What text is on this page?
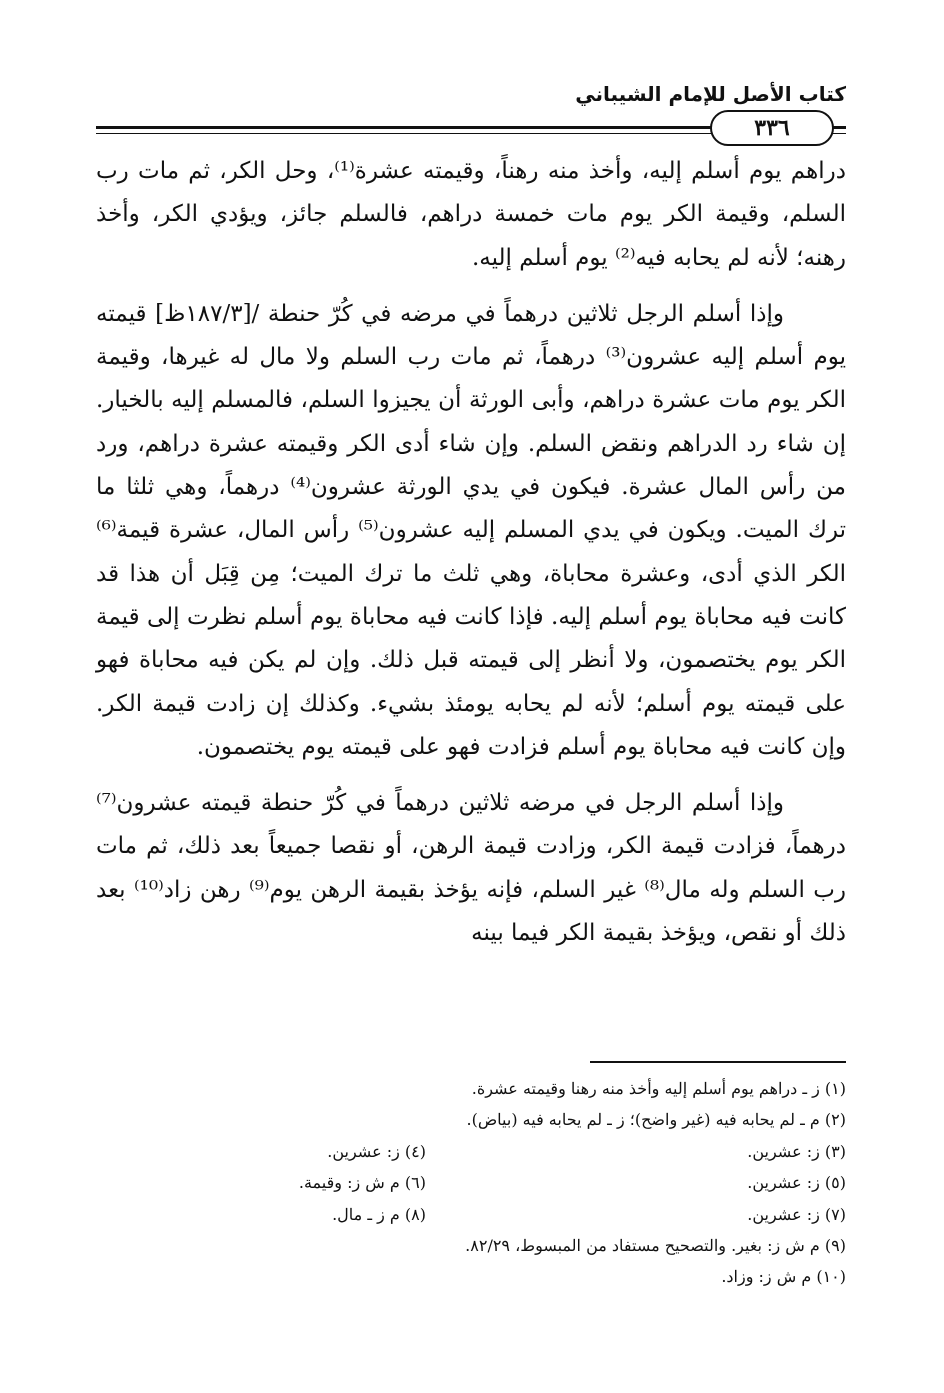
كتاب الأصل للإمام الشيباني
٣٣٦

دراهم يوم أسلم إليه، وأخذ منه رهناً، وقيمته عشرة⁽¹⁾، وحل الكر، ثم مات رب السلم، وقيمة الكر يوم مات خمسة دراهم، فالسلم جائز، ويؤدي الكر، وأخذ رهنه؛ لأنه لم يحابه فيه⁽²⁾ يوم أسلم إليه.

وإذا أسلم الرجل ثلاثين درهماً في مرضه في كُرّ حنطة /[١٨٧/٣ظ] قيمته يوم أسلم إليه عشرون⁽³⁾ درهماً، ثم مات رب السلم ولا مال له غيرها، وقيمة الكر يوم مات عشرة دراهم، وأبى الورثة أن يجيزوا السلم، فالمسلم إليه بالخيار. إن شاء رد الدراهم ونقض السلم. وإن شاء أدى الكر وقيمته عشرة دراهم، ورد من رأس المال عشرة. فيكون في يدي الورثة عشرون⁽⁴⁾ درهماً، وهي ثلثا ما ترك الميت. ويكون في يدي المسلم إليه عشرون⁽⁵⁾ رأس المال، عشرة قيمة⁽⁶⁾ الكر الذي أدى، وعشرة محاباة، وهي ثلث ما ترك الميت؛ مِن قِبَل أن هذا قد كانت فيه محاباة يوم أسلم إليه. فإذا كانت فيه محاباة يوم أسلم نظرت إلى قيمة الكر يوم يختصمون، ولا أنظر إلى قيمته قبل ذلك. وإن لم يكن فيه محاباة فهو على قيمته يوم أسلم؛ لأنه لم يحابه يومئذ بشيء. وكذلك إن زادت قيمة الكر. وإن كانت فيه محاباة يوم أسلم فزادت فهو على قيمته يوم يختصمون.

وإذا أسلم الرجل في مرضه ثلاثين درهماً في كُرّ حنطة قيمته عشرون⁽⁷⁾ درهماً، فزادت قيمة الكر، وزادت قيمة الرهن، أو نقصا جميعاً بعد ذلك، ثم مات رب السلم وله مال⁽⁸⁾ غير السلم، فإنه يؤخذ بقيمة الرهن يوم⁽⁹⁾ رهن زاد⁽¹⁰⁾ بعد ذلك أو نقص، ويؤخذ بقيمة الكر فيما بينه

(١) ز ـ دراهم يوم أسلم إليه وأخذ منه رهنا وقيمته عشرة.
(٢) م ـ لم يحابه فيه (غير واضح)؛ ز ـ لم يحابه فيه (بياض).
(٣) ز: عشرين.
(٤) ز: عشرين.
(٥) ز: عشرين.
(٦) م ش ز: وقيمة.
(٧) ز: عشرين.
(٨) م ز ـ مال.
(٩) م ش ز: بغير. والتصحيح مستفاد من المبسوط، ٨٢/٢٩.
(١٠) م ش ز: وزاد.
